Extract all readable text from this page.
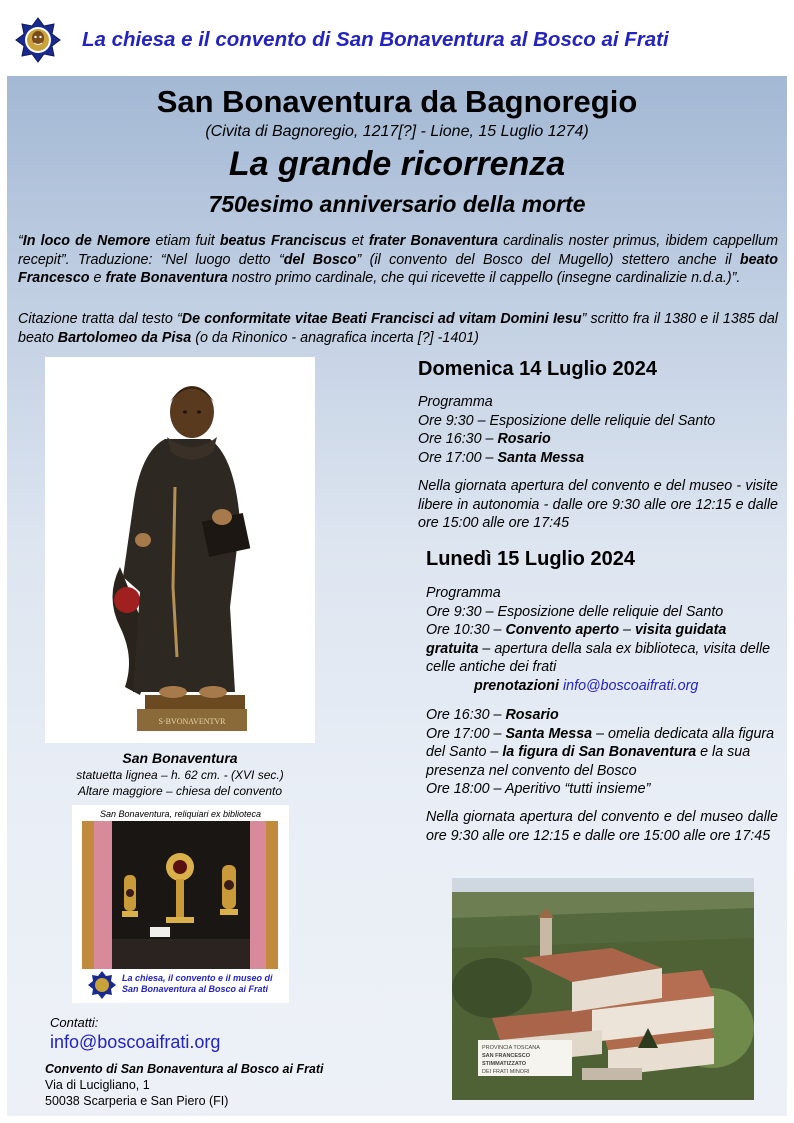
La chiesa e il convento di San Bonaventura al Bosco ai Frati
San Bonaventura da Bagnoregio
(Civita di Bagnoregio, 1217[?] - Lione, 15 Luglio 1274)
La grande ricorrenza
750esimo anniversario della morte

“In loco de Nemore etiam fuit beatus Franciscus et frater Bonaventura cardinalis noster primus, ibidem cappellum recepit”. Traduzione: “Nel luogo detto “del Bosco” (il convento del Bosco del Mugello) stettero anche il beato Francesco e frate Bonaventura nostro primo cardinale, che qui ricevette il cappello (insegne cardinalizie n.d.a.)”.

Citazione tratta dal testo “De conformitate vitae Beati Francisci ad vitam Domini Iesu” scritto fra il 1380 e il 1385 dal beato Bartolomeo da Pisa (o da Rinonico - anagrafica incerta [?] -1401)

S·BVONAVENTVR
San Bonaventura
statuetta lignea – h. 62 cm. - (XVI sec.)
Altare maggiore – chiesa del convento
San Bonaventura, reliquiari ex biblioteca
La chiesa, il convento e il museo di
San Bonaventura al Bosco ai Frati
Contatti:
info@boscoaifrati.org
Convento di San Bonaventura al Bosco ai Frati
Via di Lucigliano, 1
50038 Scarperia e San Piero (FI)
Domenica 14 Luglio 2024
Programma
Ore 9:30 – Esposizione delle reliquie del Santo
Ore 16:30 – Rosario
Ore 17:00 – Santa Messa

Nella giornata apertura del convento e del museo - visite libere in autonomia - dalle ore 9:30 alle ore 12:15 e dalle ore 15:00 alle ore 17:45

Lunedì 15 Luglio 2024
Programma
Ore 9:30 – Esposizione delle reliquie del Santo
Ore 10:30 – Convento aperto – visita guidata gratuita – apertura della sala ex biblioteca, visita delle celle antiche dei frati
prenotazioni info@boscoaifrati.org
Ore 16:30 – Rosario
Ore 17:00 – Santa Messa – omelia dedicata alla figura del Santo – la figura di San Bonaventura e la sua presenza nel convento del Bosco
Ore 18:00 – Aperitivo “tutti insieme”

Nella giornata apertura del convento e del museo dalle ore 9:30 alle ore 12:15 e dalle ore 15:00 alle ore 17:45

PROVINCIA TOSCANA
SAN FRANCESCO STIMMATIZZATO
DEI FRATI MINORI
